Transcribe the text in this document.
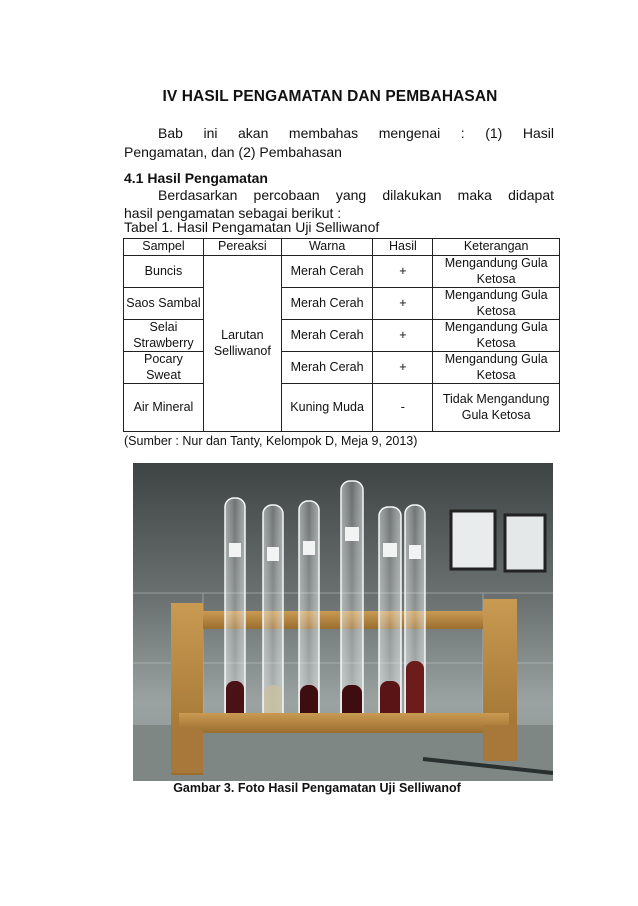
IV HASIL PENGAMATAN DAN PEMBAHASAN
Bab ini akan membahas mengenai : (1) Hasil
Pengamatan, dan (2) Pembahasan
4.1 Hasil Pengamatan
Berdasarkan percobaan yang dilakukan maka didapat
hasil pengamatan sebagai berikut :
Tabel 1. Hasil Pengamatan Uji Selliwanof
Sampel	Pereaksi	Warna	Hasil	Keterangan
Buncis	Larutan Selliwanof	Merah Cerah	+	Mengandung Gula Ketosa
Saos Sambal		Merah Cerah	+	Mengandung Gula Ketosa
Selai Strawberry		Merah Cerah	+	Mengandung Gula Ketosa
Pocary Sweat		Merah Cerah	+	Mengandung Gula Ketosa
Air Mineral		Kuning Muda	-	Tidak Mengandung Gula Ketosa
(Sumber : Nur dan Tanty, Kelompok D, Meja 9, 2013)
Gambar 3. Foto Hasil Pengamatan Uji Selliwanof
